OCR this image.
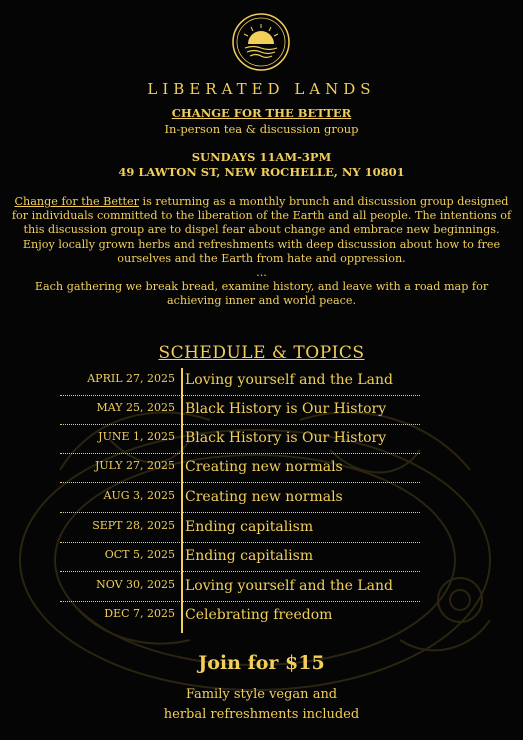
LIBERATED LANDS
CHANGE FOR THE BETTER
In-person tea & discussion group
SUNDAYS 11AM-3PM
49 LAWTON ST, NEW ROCHELLE, NY 10801
Change for the Better is returning as a monthly brunch and discussion group designed for individuals committed to the liberation of the Earth and all people. The intentions of this discussion group are to dispel fear about change and embrace new beginnings. Enjoy locally grown herbs and refreshments with deep discussion about how to free ourselves and the Earth from hate and oppression.
...
Each gathering we break bread, examine history, and leave with a road map for achieving inner and world peace.
SCHEDULE & TOPICS
APRIL 27, 2025 Loving yourself and the Land
MAY 25, 2025 Black History is Our History
JUNE 1, 2025 Black History is Our History
JULY 27, 2025 Creating new normals
AUG 3, 2025 Creating new normals
SEPT 28, 2025 Ending capitalism
OCT 5, 2025 Ending capitalism
NOV 30, 2025 Loving yourself and the Land
DEC 7, 2025 Celebrating freedom
Join for $15
Family style vegan and
herbal refreshments included
